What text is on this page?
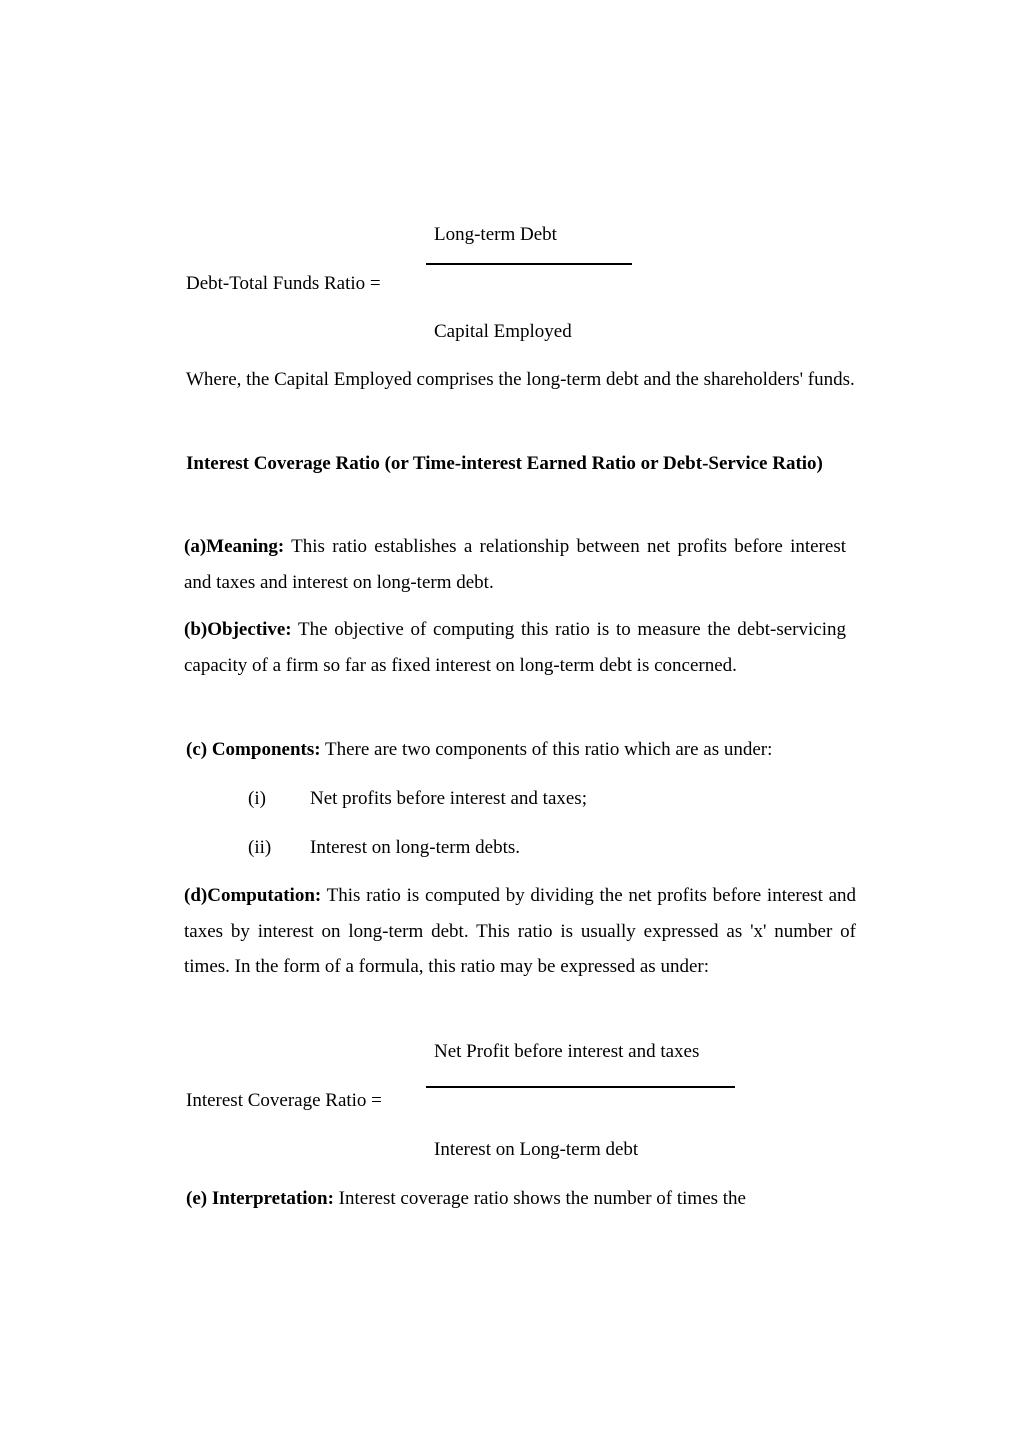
Long-term Debt
Debt-Total Funds Ratio =
Capital Employed

Where, the Capital Employed comprises the long-term debt and the shareholders' funds.

Interest Coverage Ratio (or Time-interest Earned Ratio or Debt-Service Ratio)

(a)Meaning: This ratio establishes a relationship between net profits before interest and taxes and interest on long-term debt.

(b)Objective: The objective of computing this ratio is to measure the debt-servicing capacity of a firm so far as fixed interest on long-term debt is concerned.

(c) Components: There are two components of this ratio which are as under:
(i) Net profits before interest and taxes;
(ii) Interest on long-term debts.

(d)Computation: This ratio is computed by dividing the net profits before interest and taxes by interest on long-term debt. This ratio is usually expressed as 'x' number of times. In the form of a formula, this ratio may be expressed as under:

Net Profit before interest and taxes
Interest Coverage Ratio =
Interest on Long-term debt
(e) Interpretation: Interest coverage ratio shows the number of times the
